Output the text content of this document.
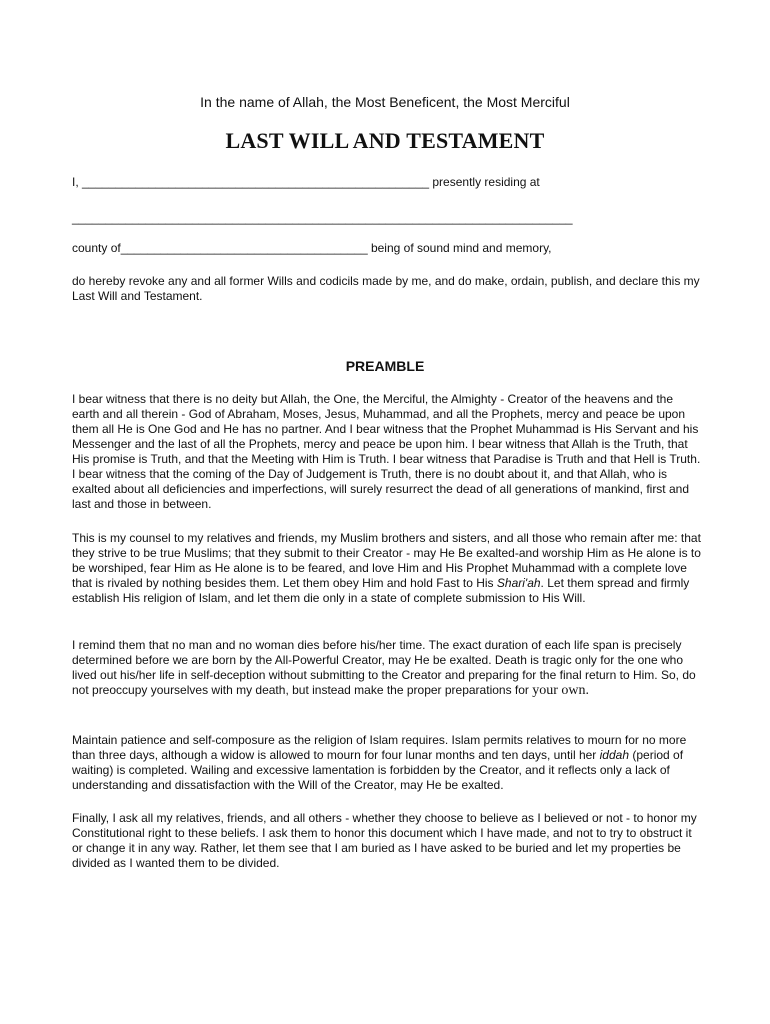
In the name of Allah, the Most Beneficent, the Most Merciful
LAST WILL AND TESTAMENT
I, ____________________________________________________ presently residing at
___________________________________________________________________________
county of_____________________________________ being of sound mind and memory,
do hereby revoke any and all former Wills and codicils made by me, and do make, ordain, publish, and declare this my Last Will and Testament.
PREAMBLE
I bear witness that there is no deity but Allah, the One, the Merciful, the Almighty - Creator of the heavens and the earth and all therein - God of Abraham, Moses, Jesus, Muhammad, and all the Prophets, mercy and peace be upon them all He is One God and He has no partner. And I bear witness that the Prophet Muhammad is His Servant and his Messenger and the last of all the Prophets, mercy and peace be upon him. I bear witness that Allah is the Truth, that His promise is Truth, and that the Meeting with Him is Truth. I bear witness that Paradise is Truth and that Hell is Truth. I bear witness that the coming of the Day of Judgement is Truth, there is no doubt about it, and that Allah, who is exalted about all deficiencies and imperfections, will surely resurrect the dead of all generations of mankind, first and last and those in between.
This is my counsel to my relatives and friends, my Muslim brothers and sisters, and all those who remain after me: that they strive to be true Muslims; that they submit to their Creator - may He Be exalted-and worship Him as He alone is to be worshiped, fear Him as He alone is to be feared, and love Him and His Prophet Muhammad with a complete love that is rivaled by nothing besides them. Let them obey Him and hold Fast to His Shari'ah. Let them spread and firmly establish His religion of Islam, and let them die only in a state of complete submission to His Will.
I remind them that no man and no woman dies before his/her time. The exact duration of each life span is precisely determined before we are born by the All-Powerful Creator, may He be exalted. Death is tragic only for the one who lived out his/her life in self-deception without submitting to the Creator and preparing for the final return to Him. So, do not preoccupy yourselves with my death, but instead make the proper preparations for your own.
Maintain patience and self-composure as the religion of Islam requires. Islam permits relatives to mourn for no more than three days, although a widow is allowed to mourn for four lunar months and ten days, until her iddah (period of waiting) is completed. Wailing and excessive lamentation is forbidden by the Creator, and it reflects only a lack of understanding and dissatisfaction with the Will of the Creator, may He be exalted.
Finally, I ask all my relatives, friends, and all others - whether they choose to believe as I believed or not - to honor my Constitutional right to these beliefs. I ask them to honor this document which I have made, and not to try to obstruct it or change it in any way. Rather, let them see that I am buried as I have asked to be buried and let my properties be divided as I wanted them to be divided.
